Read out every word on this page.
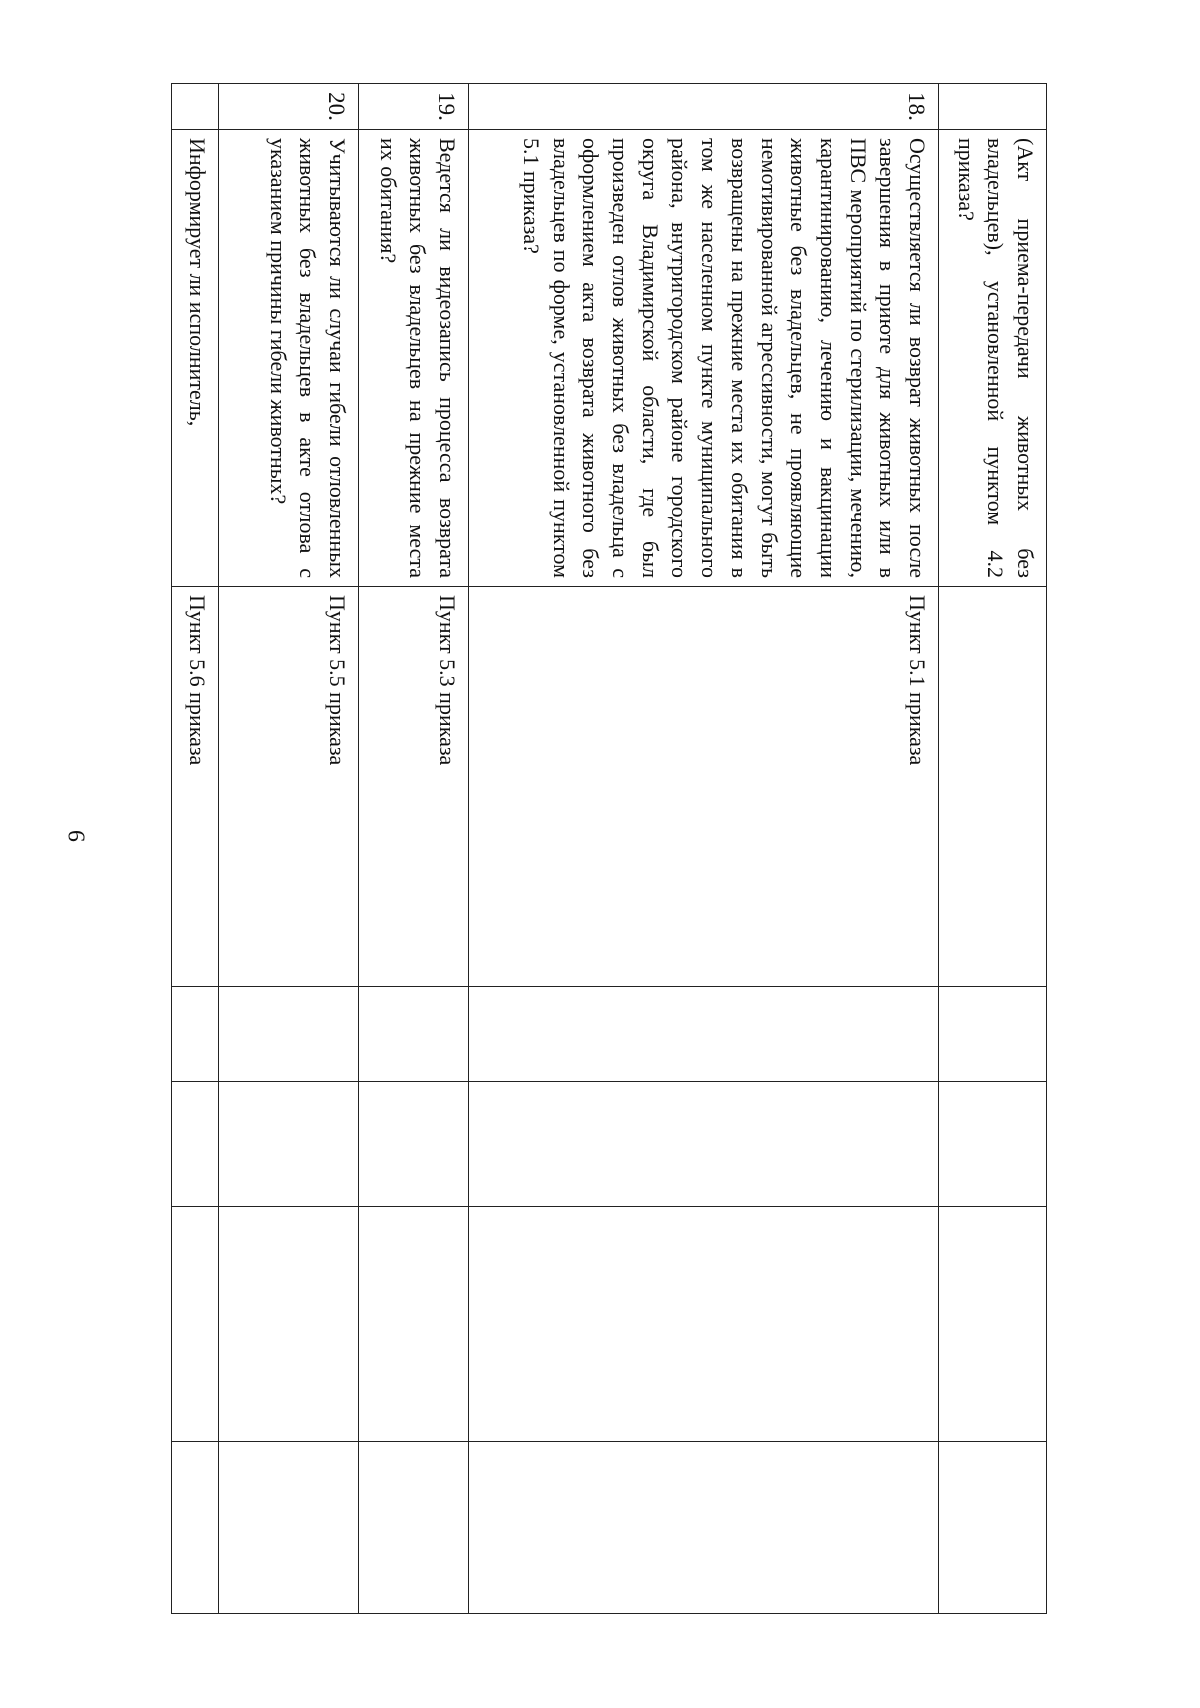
9
	(Акт приема-передачи животных без владельцев), установленной пунктом 4.2 приказа?					
18.	Осуществляется ли возврат животных после завершения в приюте для животных или в ПВС мероприятий по стерилизации, мечению, карантинированию, лечению и вакцинации животные без владельцев, не проявляющие немотивированной агрессивности, могут быть возвращены на прежние места их обитания в том же населенном пункте муниципального района, внутригородском районе городского округа Владимирской области, где был произведен отлов животных без владельца с оформлением акта возврата животного без владельцев по форме, установленной пунктом 5.1 приказа?	Пункт 5.1 приказа				
19.	Ведется ли видеозапись процесса возврата животных без владельцев на прежние места их обитания?	Пункт 5.3 приказа				
20.	Учитываются ли случаи гибели отловленных животных без владельцев в акте отлова с указанием причины гибели животных?	Пункт 5.5 приказа				
	Информирует ли исполнитель,	Пункт 5.6 приказа				
